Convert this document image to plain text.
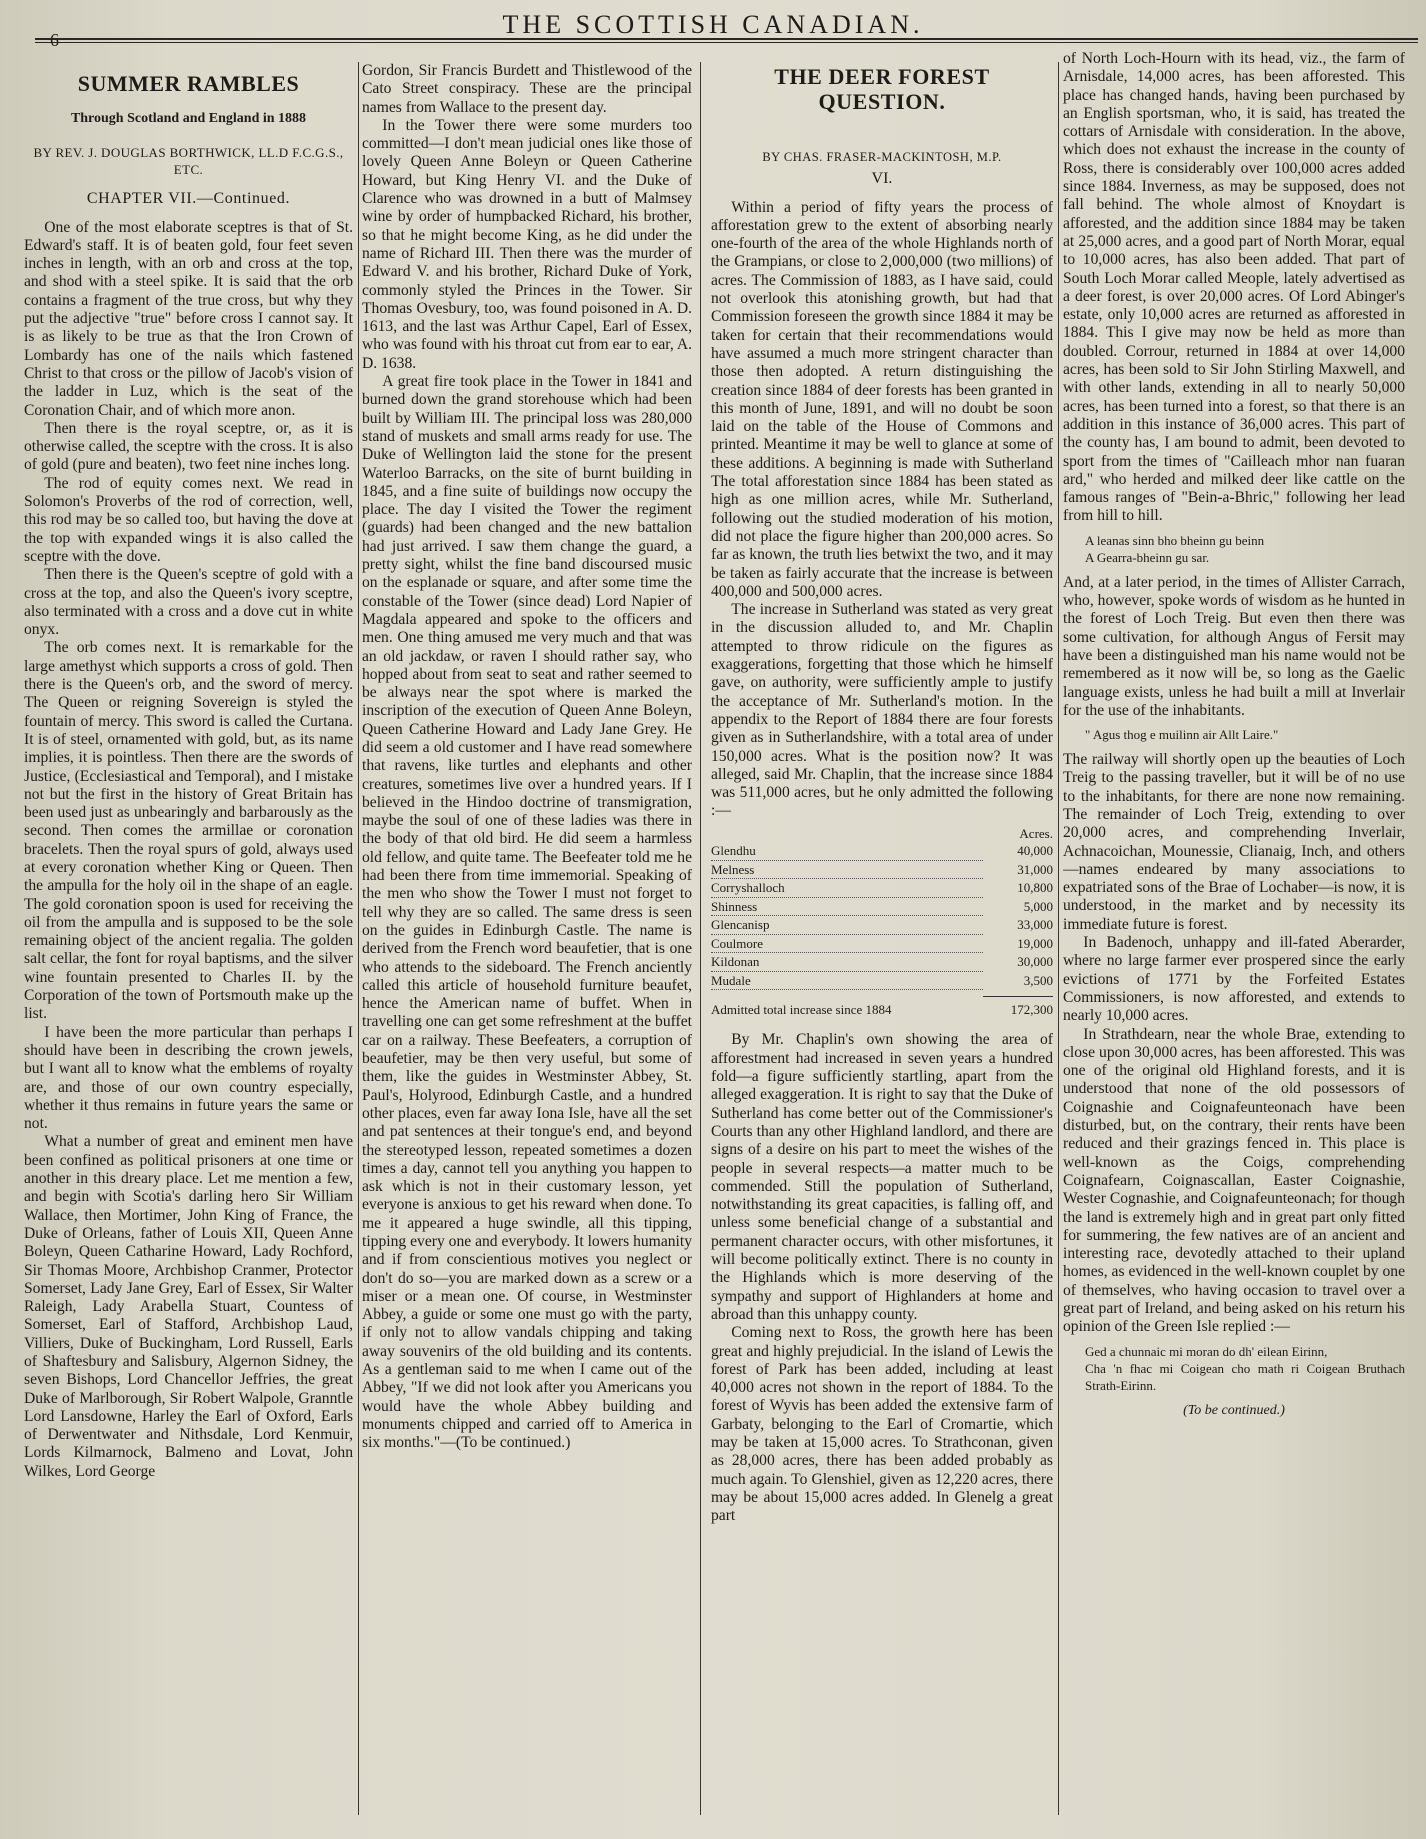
6
THE SCOTTISH CANADIAN.
SUMMER RAMBLES
Through Scotland and England in 1888
BY REV. J. DOUGLAS BORTHWICK, LL.D F.C.G.S., ETC.
CHAPTER VII.—Continued.

One of the most elaborate sceptres is that of St. Edward's staff. It is of beaten gold, four feet seven inches in length, with an orb and cross at the top, and shod with a steel spike. It is said that the orb contains a fragment of the true cross, but why they put the adjective "true" before cross I cannot say. It is as likely to be true as that the Iron Crown of Lombardy has one of the nails which fastened Christ to that cross or the pillow of Jacob's vision of the ladder in Luz, which is the seat of the Coronation Chair, and of which more anon.

Then there is the royal sceptre, or, as it is otherwise called, the sceptre with the cross. It is also of gold (pure and beaten), two feet nine inches long.

The rod of equity comes next. We read in Solomon's Proverbs of the rod of correction, well, this rod may be so called too, but having the dove at the top with expanded wings it is also called the sceptre with the dove.

Then there is the Queen's sceptre of gold with a cross at the top, and also the Queen's ivory sceptre, also terminated with a cross and a dove cut in white onyx.

The orb comes next. It is remarkable for the large amethyst which supports a cross of gold. Then there is the Queen's orb, and the sword of mercy. The Queen or reigning Sovereign is styled the fountain of mercy. This sword is called the Curtana. It is of steel, ornamented with gold, but, as its name implies, it is pointless. Then there are the swords of Justice, (Ecclesiastical and Temporal), and I mistake not but the first in the history of Great Britain has been used just as unbearingly and barbarously as the second. Then comes the armillae or coronation bracelets. Then the royal spurs of gold, always used at every coronation whether King or Queen. Then the ampulla for the holy oil in the shape of an eagle. The gold coronation spoon is used for receiving the oil from the ampulla and is supposed to be the sole remaining object of the ancient regalia. The golden salt cellar, the font for royal baptisms, and the silver wine fountain presented to Charles II. by the Corporation of the town of Portsmouth make up the list.

I have been the more particular than perhaps I should have been in describing the crown jewels, but I want all to know what the emblems of royalty are, and those of our own country especially, whether it thus remains in future years the same or not.

What a number of great and eminent men have been confined as political prisoners at one time or another in this dreary place. Let me mention a few, and begin with Scotia's darling hero Sir William Wallace, then Mortimer, John King of France, the Duke of Orleans, father of Louis XII, Queen Anne Boleyn, Queen Catharine Howard, Lady Rochford, Sir Thomas Moore, Archbishop Cranmer, Protector Somerset, Lady Jane Grey, Earl of Essex, Sir Walter Raleigh, Lady Arabella Stuart, Countess of Somerset, Earl of Stafford, Archbishop Laud, Villiers, Duke of Buckingham, Lord Russell, Earls of Shaftesbury and Salisbury, Algernon Sidney, the seven Bishops, Lord Chancellor Jeffries, the great Duke of Marlborough, Sir Robert Walpole, Granntle Lord Lansdowne, Harley the Earl of Oxford, Earls of Derwentwater and Nithsdale, Lord Kenmuir, Lords Kilmarnock, Balmeno and Lovat, John Wilkes, Lord George

Gordon, Sir Francis Burdett and Thistlewood of the Cato Street conspiracy. These are the principal names from Wallace to the present day.

In the Tower there were some murders too committed—I don't mean judicial ones like those of lovely Queen Anne Boleyn or Queen Catherine Howard, but King Henry VI. and the Duke of Clarence who was drowned in a butt of Malmsey wine by order of humpbacked Richard, his brother, so that he might become King, as he did under the name of Richard III. Then there was the murder of Edward V. and his brother, Richard Duke of York, commonly styled the Princes in the Tower. Sir Thomas Ovesbury, too, was found poisoned in A. D. 1613, and the last was Arthur Capel, Earl of Essex, who was found with his throat cut from ear to ear, A. D. 1638.

A great fire took place in the Tower in 1841 and burned down the grand storehouse which had been built by William III. The principal loss was 280,000 stand of muskets and small arms ready for use. The Duke of Wellington laid the stone for the present Waterloo Barracks, on the site of burnt building in 1845, and a fine suite of buildings now occupy the place. The day I visited the Tower the regiment (guards) had been changed and the new battalion had just arrived. I saw them change the guard, a pretty sight, whilst the fine band discoursed music on the esplanade or square, and after some time the constable of the Tower (since dead) Lord Napier of Magdala appeared and spoke to the officers and men. One thing amused me very much and that was an old jackdaw, or raven I should rather say, who hopped about from seat to seat and rather seemed to be always near the spot where is marked the inscription of the execution of Queen Anne Boleyn, Queen Catherine Howard and Lady Jane Grey. He did seem a old customer and I have read somewhere that ravens, like turtles and elephants and other creatures, sometimes live over a hundred years. If I believed in the Hindoo doctrine of transmigration, maybe the soul of one of these ladies was there in the body of that old bird. He did seem a harmless old fellow, and quite tame. The Beefeater told me he had been there from time immemorial. Speaking of the men who show the Tower I must not forget to tell why they are so called. The same dress is seen on the guides in Edinburgh Castle. The name is derived from the French word beaufetier, that is one who attends to the sideboard. The French anciently called this article of household furniture beaufet, hence the American name of buffet. When in travelling one can get some refreshment at the buffet car on a railway. These Beefeaters, a corruption of beaufetier, may be then very useful, but some of them, like the guides in Westminster Abbey, St. Paul's, Holyrood, Edinburgh Castle, and a hundred other places, even far away Iona Isle, have all the set and pat sentences at their tongue's end, and beyond the stereotyped lesson, repeated sometimes a dozen times a day, cannot tell you anything you happen to ask which is not in their customary lesson, yet everyone is anxious to get his reward when done. To me it appeared a huge swindle, all this tipping, tipping every one and everybody. It lowers humanity and if from conscientious motives you neglect or don't do so—you are marked down as a screw or a miser or a mean one. Of course, in Westminster Abbey, a guide or some one must go with the party, if only not to allow vandals chipping and taking away souvenirs of the old building and its contents. As a gentleman said to me when I came out of the Abbey, "If we did not look after you Americans you would have the whole Abbey building and monuments chipped and carried off to America in six months."—(To be continued.)

THE DEER FOREST
QUESTION.
BY CHAS. FRASER-MACKINTOSH, M.P.
VI.

Within a period of fifty years the process of afforestation grew to the extent of absorbing nearly one-fourth of the area of the whole Highlands north of the Grampians, or close to 2,000,000 (two millions) of acres. The Commission of 1883, as I have said, could not overlook this atonishing growth, but had that Commission foreseen the growth since 1884 it may be taken for certain that their recommendations would have assumed a much more stringent character than those then adopted. A return distinguishing the creation since 1884 of deer forests has been granted in this month of June, 1891, and will no doubt be soon laid on the table of the House of Commons and printed. Meantime it may be well to glance at some of these additions. A beginning is made with Sutherland The total afforestation since 1884 has been stated as high as one million acres, while Mr. Sutherland, following out the studied moderation of his motion, did not place the figure higher than 200,000 acres. So far as known, the truth lies betwixt the two, and it may be taken as fairly accurate that the increase is between 400,000 and 500,000 acres.

The increase in Sutherland was stated as very great in the discussion alluded to, and Mr. Chaplin attempted to throw ridicule on the figures as exaggerations, forgetting that those which he himself gave, on authority, were sufficiently ample to justify the acceptance of Mr. Sutherland's motion. In the appendix to the Report of 1884 there are four forests given as in Sutherlandshire, with a total area of under 150,000 acres. What is the position now? It was alleged, said Mr. Chaplin, that the increase since 1884 was 511,000 acres, but he only admitted the following :—

	Acres.
Glendhu	40,000
Melness	31,000
Corryshalloch	10,800
Shinness	5,000
Glencanisp	33,000
Coulmore	19,000
Kildonan	30,000
Mudale	3,500
Admitted total increase since 1884	172,300

By Mr. Chaplin's own showing the area of afforestment had increased in seven years a hundred fold—a figure sufficiently startling, apart from the alleged exaggeration. It is right to say that the Duke of Sutherland has come better out of the Commissioner's Courts than any other Highland landlord, and there are signs of a desire on his part to meet the wishes of the people in several respects—a matter much to be commended. Still the population of Sutherland, notwithstanding its great capacities, is falling off, and unless some beneficial change of a substantial and permanent character occurs, with other misfortunes, it will become politically extinct. There is no county in the Highlands which is more deserving of the sympathy and support of Highlanders at home and abroad than this unhappy county.

Coming next to Ross, the growth here has been great and highly prejudicial. In the island of Lewis the forest of Park has been added, including at least 40,000 acres not shown in the report of 1884. To the forest of Wyvis has been added the extensive farm of Garbaty, belonging to the Earl of Cromartie, which may be taken at 15,000 acres. To Strathconan, given as 28,000 acres, there has been added probably as much again. To Glenshiel, given as 12,220 acres, there may be about 15,000 acres added. In Glenelg a great part

of North Loch-Hourn with its head, viz., the farm of Arnisdale, 14,000 acres, has been afforested. This place has changed hands, having been purchased by an English sportsman, who, it is said, has treated the cottars of Arnisdale with consideration. In the above, which does not exhaust the increase in the county of Ross, there is considerably over 100,000 acres added since 1884. Inverness, as may be supposed, does not fall behind. The whole almost of Knoydart is afforested, and the addition since 1884 may be taken at 25,000 acres, and a good part of North Morar, equal to 10,000 acres, has also been added. That part of South Loch Morar called Meople, lately advertised as a deer forest, is over 20,000 acres. Of Lord Abinger's estate, only 10,000 acres are returned as afforested in 1884. This I give may now be held as more than doubled. Corrour, returned in 1884 at over 14,000 acres, has been sold to Sir John Stirling Maxwell, and with other lands, extending in all to nearly 50,000 acres, has been turned into a forest, so that there is an addition in this instance of 36,000 acres. This part of the county has, I am bound to admit, been devoted to sport from the times of "Cailleach mhor nan fuaran ard," who herded and milked deer like cattle on the famous ranges of "Bein-a-Bhric," following her lead from hill to hill.

A leanas sinn bho bheinn gu beinn
A Gearra-bheinn gu sar.

And, at a later period, in the times of Allister Carrach, who, however, spoke words of wisdom as he hunted in the forest of Loch Treig. But even then there was some cultivation, for although Angus of Fersit may have been a distinguished man his name would not be remembered as it now will be, so long as the Gaelic language exists, unless he had built a mill at Inverlair for the use of the inhabitants.

" Agus thog e muilinn air Allt Laire."

The railway will shortly open up the beauties of Loch Treig to the passing traveller, but it will be of no use to the inhabitants, for there are none now remaining. The remainder of Loch Treig, extending to over 20,000 acres, and comprehending Inverlair, Achnacoichan, Mounessie, Clianaig, Inch, and others—names endeared by many associations to expatriated sons of the Brae of Lochaber—is now, it is understood, in the market and by necessity its immediate future is forest.

In Badenoch, unhappy and ill-fated Aberarder, where no large farmer ever prospered since the early evictions of 1771 by the Forfeited Estates Commissioners, is now afforested, and extends to nearly 10,000 acres.

In Strathdearn, near the whole Brae, extending to close upon 30,000 acres, has been afforested. This was one of the original old Highland forests, and it is understood that none of the old possessors of Coignashie and Coignafeunteonach have been disturbed, but, on the contrary, their rents have been reduced and their grazings fenced in. This place is well-known as the Coigs, comprehending Coignafearn, Coignascallan, Easter Coignashie, Wester Cognashie, and Coignafeunteonach; for though the land is extremely high and in great part only fitted for summering, the few natives are of an ancient and interesting race, devotedly attached to their upland homes, as evidenced in the well-known couplet by one of themselves, who having occasion to travel over a great part of Ireland, and being asked on his return his opinion of the Green Isle replied :—

Ged a chunnaic mi moran do dh' eilean Eirinn,
Cha 'n fhac mi Coigean cho math ri Coigean Bruthach Strath-Eirinn.

(To be continued.)
